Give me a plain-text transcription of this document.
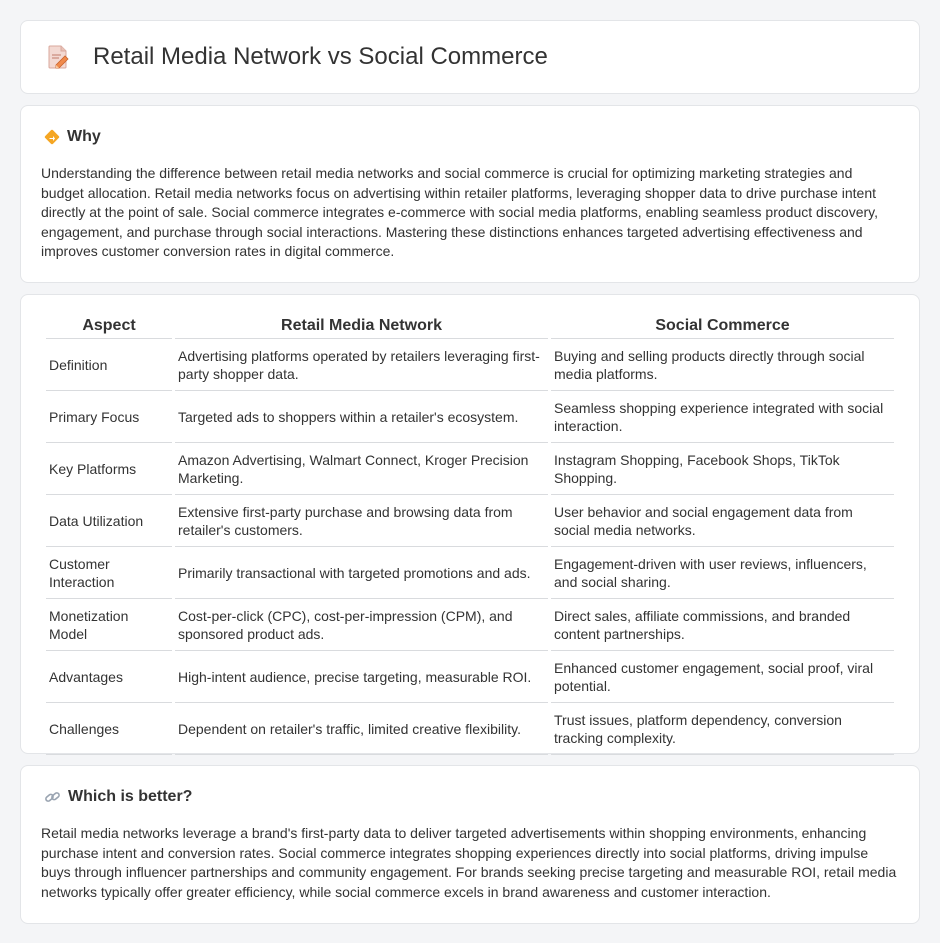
Retail Media Network vs Social Commerce
Why

Understanding the difference between retail media networks and social commerce is crucial for optimizing marketing strategies and budget allocation. Retail media networks focus on advertising within retailer platforms, leveraging shopper data to drive purchase intent directly at the point of sale. Social commerce integrates e-commerce with social media platforms, enabling seamless product discovery, engagement, and purchase through social interactions. Mastering these distinctions enhances targeted advertising effectiveness and improves customer conversion rates in digital commerce.

Aspect	Retail Media Network	Social Commerce
Definition	Advertising platforms operated by retailers leveraging first-party shopper data.	Buying and selling products directly through social media platforms.
Primary Focus	Targeted ads to shoppers within a retailer's ecosystem.	Seamless shopping experience integrated with social interaction.
Key Platforms	Amazon Advertising, Walmart Connect, Kroger Precision Marketing.	Instagram Shopping, Facebook Shops, TikTok Shopping.
Data Utilization	Extensive first-party purchase and browsing data from retailer's customers.	User behavior and social engagement data from social media networks.
Customer Interaction	Primarily transactional with targeted promotions and ads.	Engagement-driven with user reviews, influencers, and social sharing.
Monetization Model	Cost-per-click (CPC), cost-per-impression (CPM), and sponsored product ads.	Direct sales, affiliate commissions, and branded content partnerships.
Advantages	High-intent audience, precise targeting, measurable ROI.	Enhanced customer engagement, social proof, viral potential.
Challenges	Dependent on retailer's traffic, limited creative flexibility.	Trust issues, platform dependency, conversion tracking complexity.
Which is better?

Retail media networks leverage a brand's first-party data to deliver targeted advertisements within shopping environments, enhancing purchase intent and conversion rates. Social commerce integrates shopping experiences directly into social platforms, driving impulse buys through influencer partnerships and community engagement. For brands seeking precise targeting and measurable ROI, retail media networks typically offer greater efficiency, while social commerce excels in brand awareness and customer interaction.
